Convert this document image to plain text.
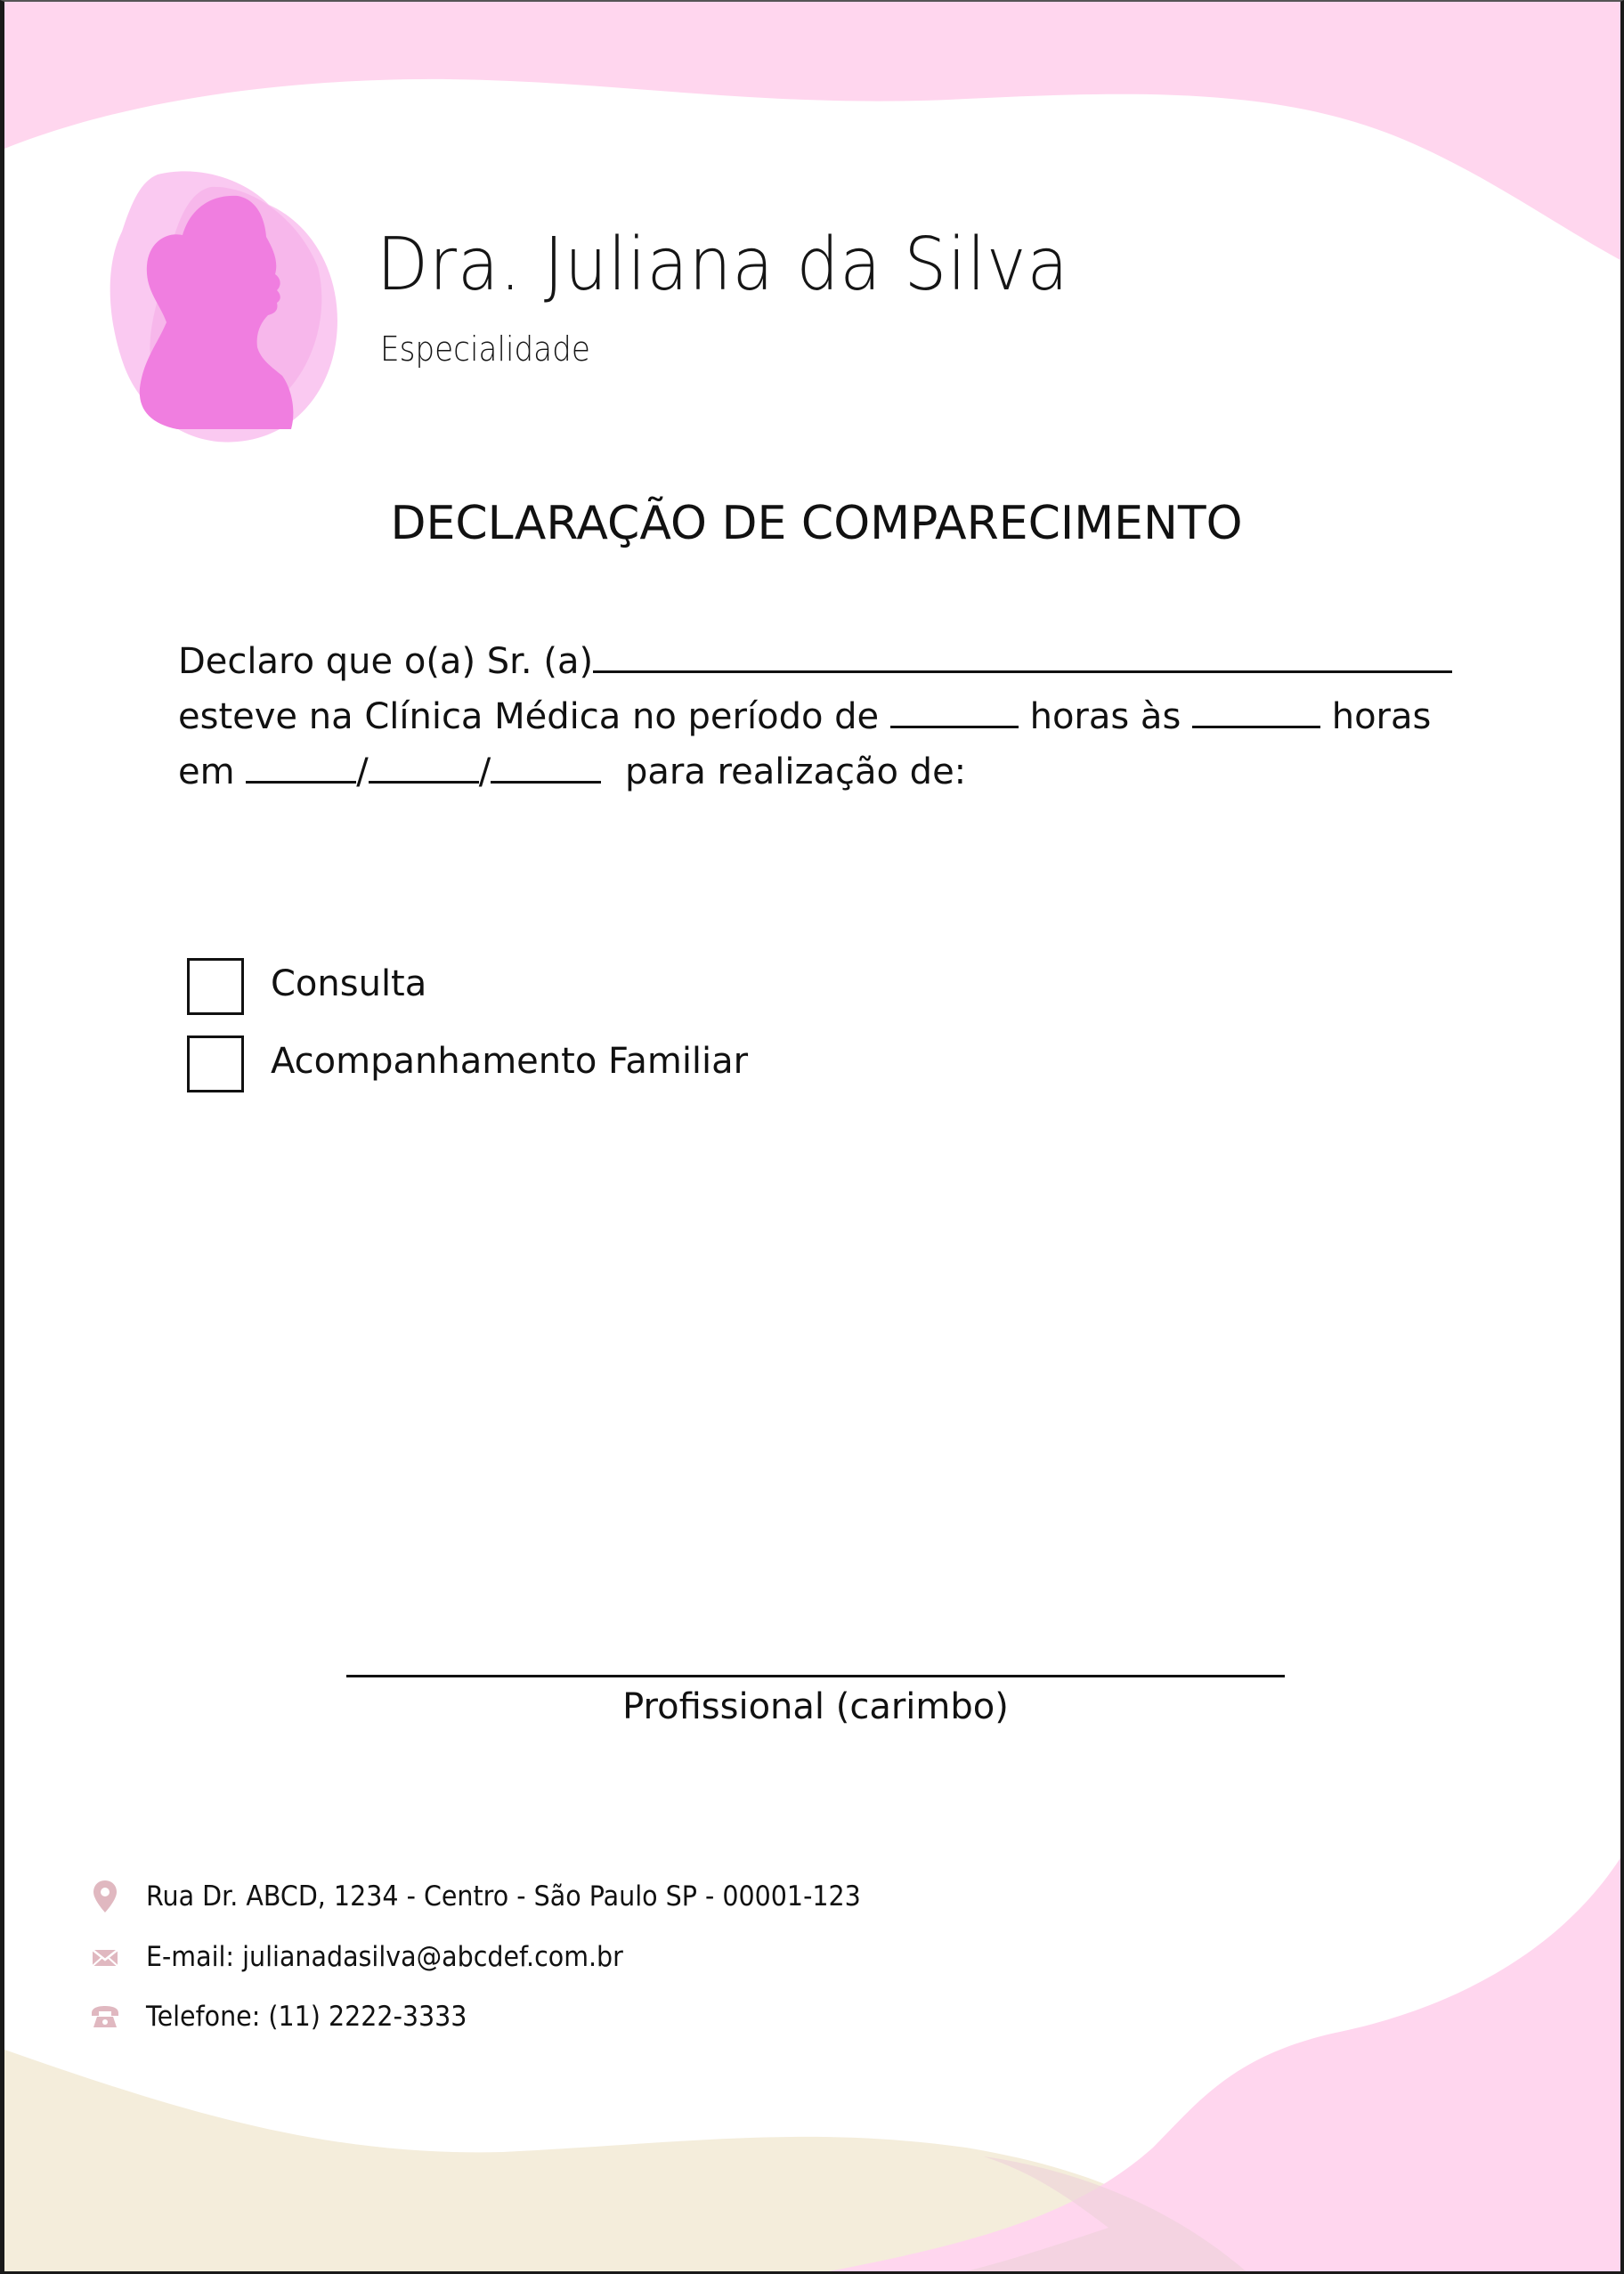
Dra. Juliana da Silva

Especialidade

DECLARAÇÃO DE COMPARECIMENTO
Declaro que o(a) Sr. (a)
esteve na Clínica Médica no período de	horas às	horas
em	/	/	para realização de:
Consulta
Acompanhamento Familiar
Profissional (carimbo)
Rua Dr. ABCD, 1234 - Centro - São Paulo SP - 00001-123
E-mail: julianadasilva@abcdef.com.br
Telefone: (11) 2222-3333
